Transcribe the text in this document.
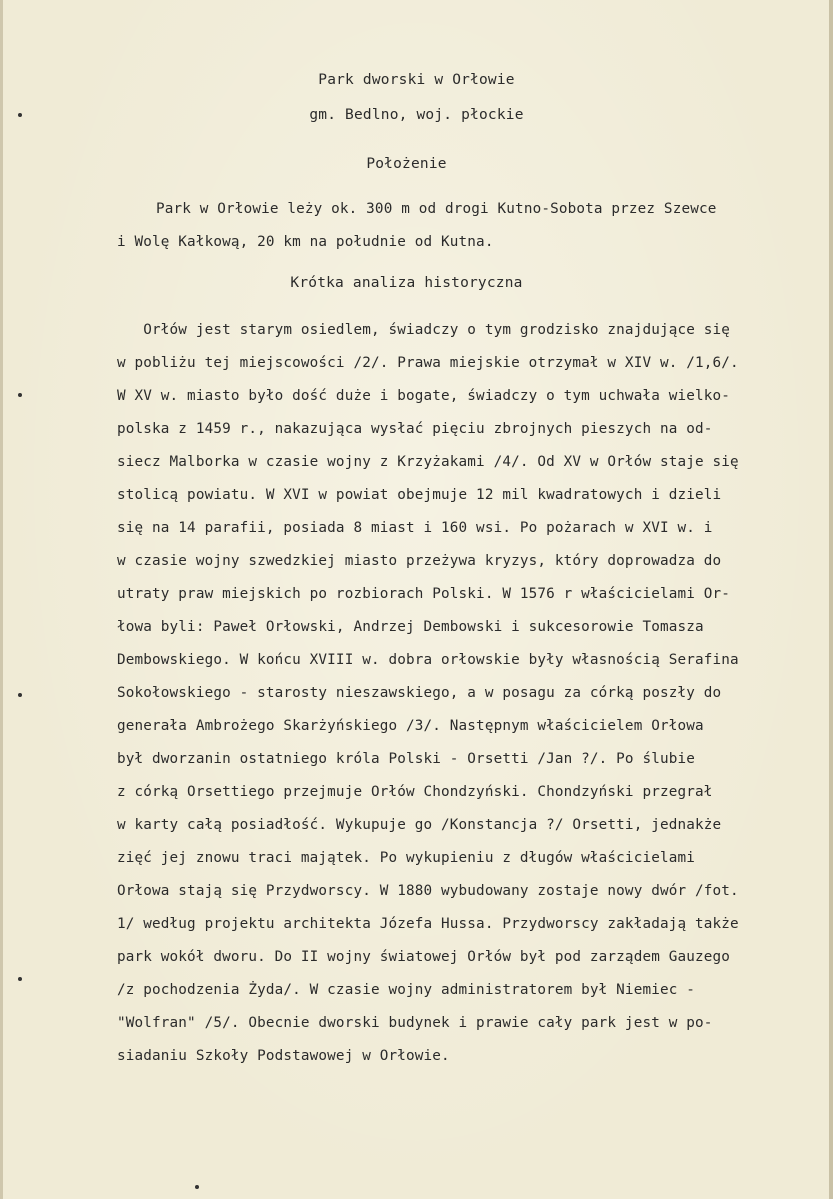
Park dworski w Orłowie
gm. Bedlno, woj. płockie
Położenie
Park w Orłowie leży ok. 300 m od drogi Kutno-Sobota przez Szewce
i Wolę Kałkową, 20 km na południe od Kutna.
Krótka analiza historyczna
Orłów jest starym osiedlem, świadczy o tym grodzisko znajdujące się
w pobliżu tej miejscowości /2/. Prawa miejskie otrzymał w XIV w. /1,6/.
W XV w. miasto było dość duże i bogate, świadczy o tym uchwała wielko-
polska z 1459 r., nakazująca wysłać pięciu zbrojnych pieszych na od-
siecz Malborka w czasie wojny z Krzyżakami /4/. Od XV w Orłów staje się
stolicą powiatu. W XVI w powiat obejmuje 12 mil kwadratowych i dzieli
się na 14 parafii, posiada 8 miast i 160 wsi. Po pożarach w XVI w. i
w czasie wojny szwedzkiej miasto przeżywa kryzys, który doprowadza do
utraty praw miejskich po rozbiorach Polski. W 1576 r właścicielami Or-
łowa byli: Paweł Orłowski, Andrzej Dembowski i sukcesorowie Tomasza
Dembowskiego. W końcu XVIII w. dobra orłowskie były własnością Serafina
Sokołowskiego - starosty nieszawskiego, a w posagu za córką poszły do
generała Ambrożego Skarżyńskiego /3/. Następnym właścicielem Orłowa
był dworzanin ostatniego króla Polski - Orsetti /Jan ?/. Po ślubie
z córką Orsettiego przejmuje Orłów Chondzyński. Chondzyński przegrał
w karty całą posiadłość. Wykupuje go /Konstancja ?/ Orsetti, jednakże
zięć jej znowu traci majątek. Po wykupieniu z długów właścicielami
Orłowa stają się Przydworscy. W 1880 wybudowany zostaje nowy dwór /fot.
1/ według projektu architekta Józefa Hussa. Przydworscy zakładają także
park wokół dworu. Do II wojny światowej Orłów był pod zarządem Gauzego
/z pochodzenia Żyda/. W czasie wojny administratorem był Niemiec -
"Wolfran" /5/. Obecnie dworski budynek i prawie cały park jest w po-
siadaniu Szkoły Podstawowej w Orłowie.
